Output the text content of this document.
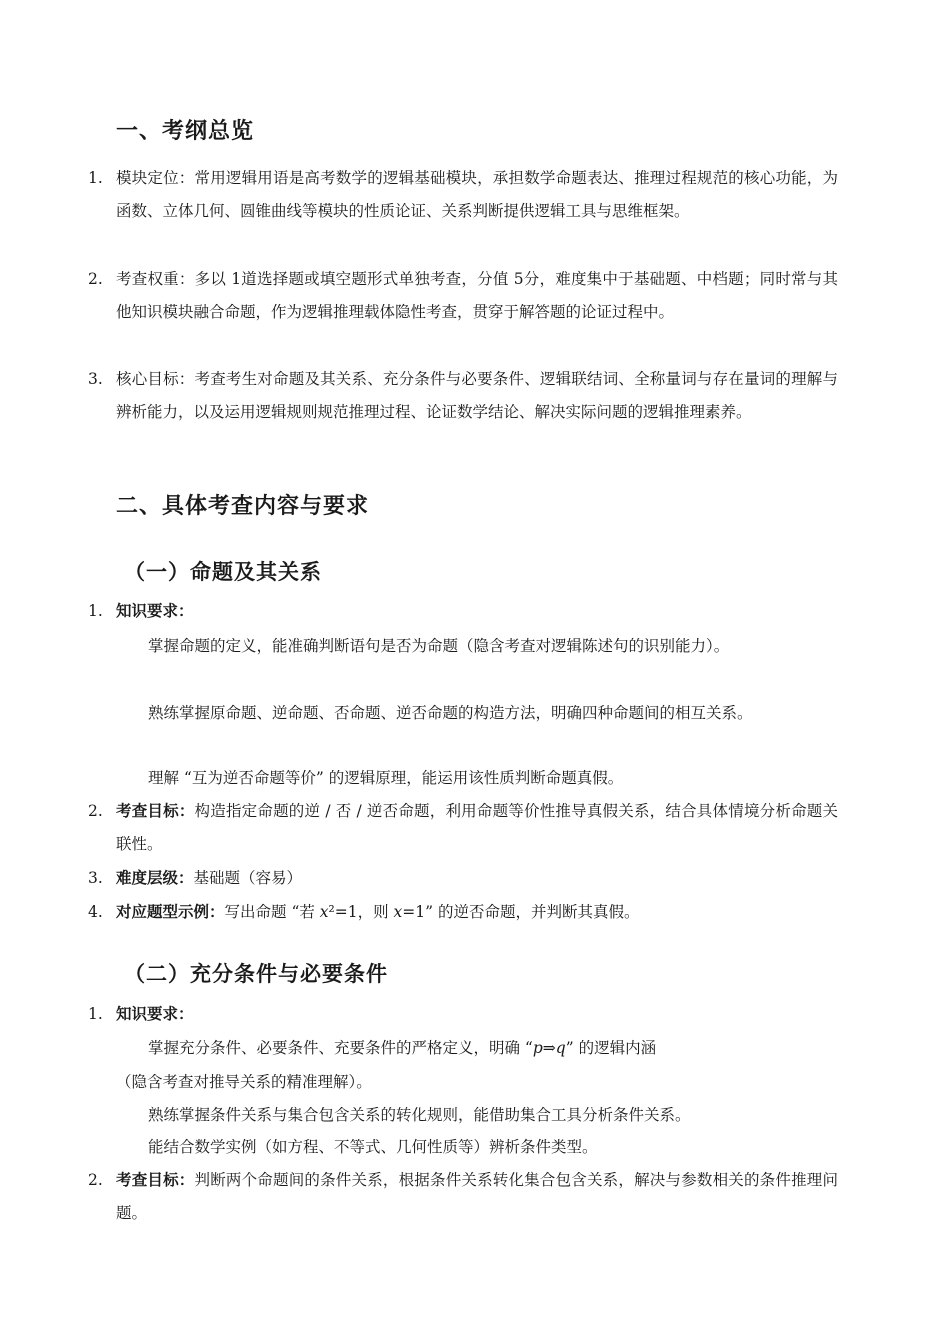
一、考纲总览
1. 模块定位：常用逻辑用语是高考数学的逻辑基础模块，承担数学命题表达、推理过程规范的核心功能，为函数、立体几何、圆锥曲线等模块的性质论证、关系判断提供逻辑工具与思维框架。
2. 考查权重：多以 1道选择题或填空题形式单独考查，分值 5分，难度集中于基础题、中档题；同时常与其他知识模块融合命题，作为逻辑推理载体隐性考查，贯穿于解答题的论证过程中。
3. 核心目标：考查考生对命题及其关系、充分条件与必要条件、逻辑联结词、全称量词与存在量词的理解与辨析能力，以及运用逻辑规则规范推理过程、论证数学结论、解决实际问题的逻辑推理素养。
二、具体考查内容与要求
（一）命题及其关系
1. 知识要求：
掌握命题的定义，能准确判断语句是否为命题（隐含考查对逻辑陈述句的识别能力）。
熟练掌握原命题、逆命题、否命题、逆否命题的构造方法，明确四种命题间的相互关系。
理解 “互为逆否命题等价” 的逻辑原理，能运用该性质判断命题真假。
2. 考查目标：构造指定命题的逆 / 否 / 逆否命题，利用命题等价性推导真假关系，结合具体情境分析命题关联性。
3. 难度层级：基础题（容易）
4. 对应题型示例：写出命题 “若 x²=1，则 x=1” 的逆否命题，并判断其真假。
（二）充分条件与必要条件
1. 知识要求：
掌握充分条件、必要条件、充要条件的严格定义，明确 “p⇒q” 的逻辑内涵
（隐含考查对推导关系的精准理解）。
熟练掌握条件关系与集合包含关系的转化规则，能借助集合工具分析条件关系。
能结合数学实例（如方程、不等式、几何性质等）辨析条件类型。
2. 考查目标：判断两个命题间的条件关系，根据条件关系转化集合包含关系，解决与参数相关的条件推理问题。
